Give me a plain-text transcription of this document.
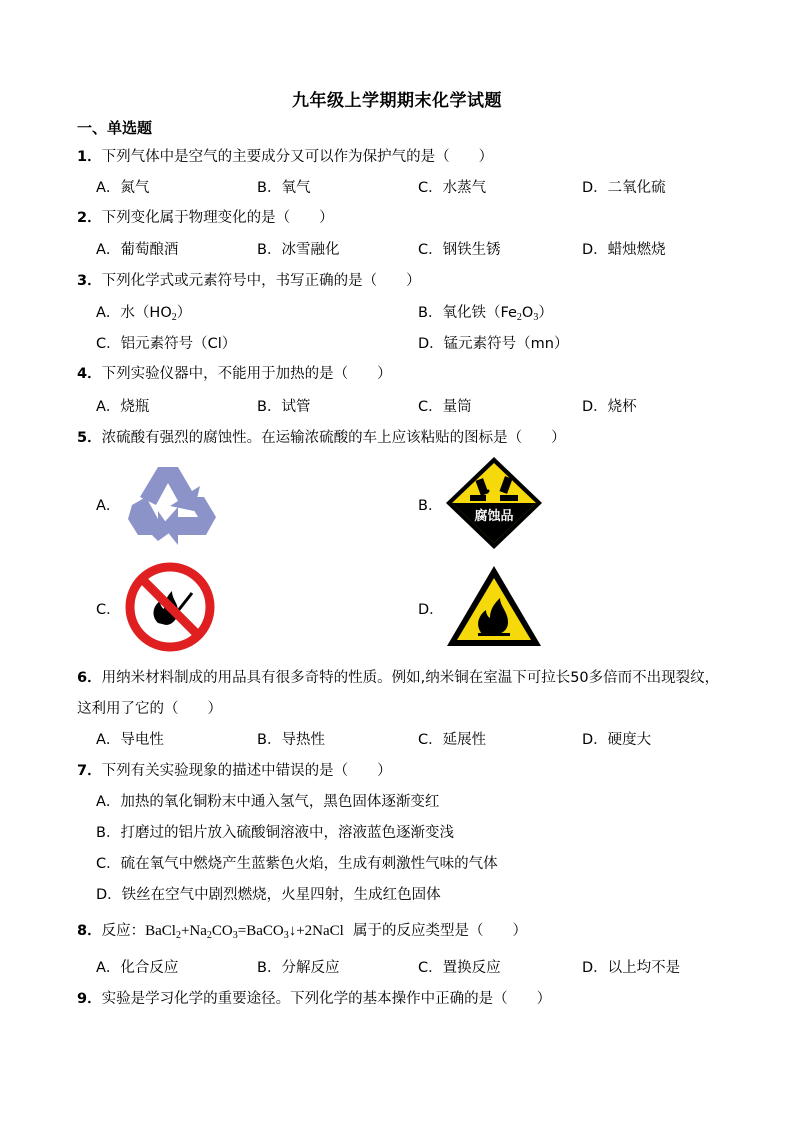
九年级上学期期末化学试题
一、单选题
1．下列气体中是空气的主要成分又可以作为保护气的是（　　）
A．氮气	B．氧气	C．水蒸气	D．二氧化硫
2．下列变化属于物理变化的是（　　）
A．葡萄酿酒	B．冰雪融化	C．钢铁生锈	D．蜡烛燃烧
3．下列化学式或元素符号中，书写正确的是（　　）
A．水$(HO_2)$	B．氧化铁$(Fe_2O_3)$
C．铝元素符号（Cl）	D．锰元素符号（mn）
4．下列实验仪器中，不能用于加热的是（　　）
A．烧瓶	B．试管	C．量筒	D．烧杯
5．浓硫酸有强烈的腐蚀性。在运输浓硫酸的车上应该粘贴的图标是（　　）
A．	B．
C．	D．
腐蚀品
6．用纳米材料制成的用品具有很多奇特的性质。例如,纳米铜在室温下可拉长50多倍而不出现裂纹，
这利用了它的（　　）
A．导电性	B．导热性	C．延展性	D．硬度大
7．下列有关实验现象的描述中错误的是（　　）
A．加热的氧化铜粉末中通入氢气，黑色固体逐渐变红
B．打磨过的铝片放入硫酸铜溶液中，溶液蓝色逐渐变浅
C．硫在氧气中燃烧产生蓝紫色火焰，生成有刺激性气味的气体
D．铁丝在空气中剧烈燃烧，火星四射，生成红色固体
8．反应：$BaCl_2+Na_2CO_3=BaCO_3↓+2NaCl$ 属于的反应类型是（　　）
A．化合反应	B．分解反应	C．置换反应	D．以上均不是
9．实验是学习化学的重要途径。下列化学的基本操作中正确的是（　　）
